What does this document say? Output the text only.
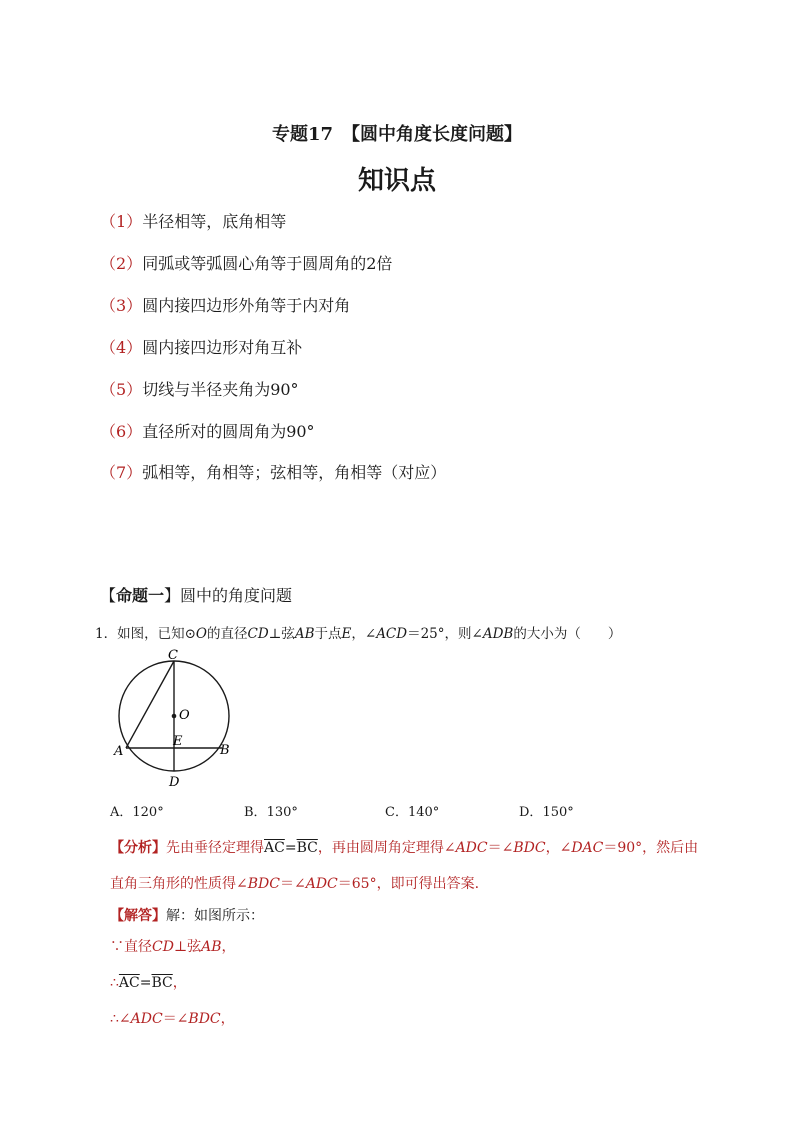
专题17　【圆中角度长度问题】
知识点
（1）半径相等，底角相等
（2）同弧或等弧圆心角等于圆周角的2倍
（3）圆内接四边形外角等于内对角
（4）圆内接四边形对角互补
（5）切线与半径夹角为90°
（6）直径所对的圆周角为90°
（7）弧相等，角相等；弦相等，角相等（对应）
【命题一】圆中的角度问题
1．如图，已知⊙O的直径CD⊥弦AB于点E，∠ACD＝25°，则∠ADB的大小为（　　）
C
O
E
A	B
D
A．120°	B．130°	C．140°	D．150°
【分析】先由垂径定理得$\overline{AC}=\overline{BC}$，再由圆周角定理得∠ADC＝∠BDC，∠DAC＝90°，然后由
直角三角形的性质得∠BDC＝∠ADC＝65°，即可得出答案.
【解答】解：如图所示：
∵直径CD⊥弦AB，
$\therefore\overline{AC}=\overline{BC}$，
∴∠ADC＝∠BDC，
